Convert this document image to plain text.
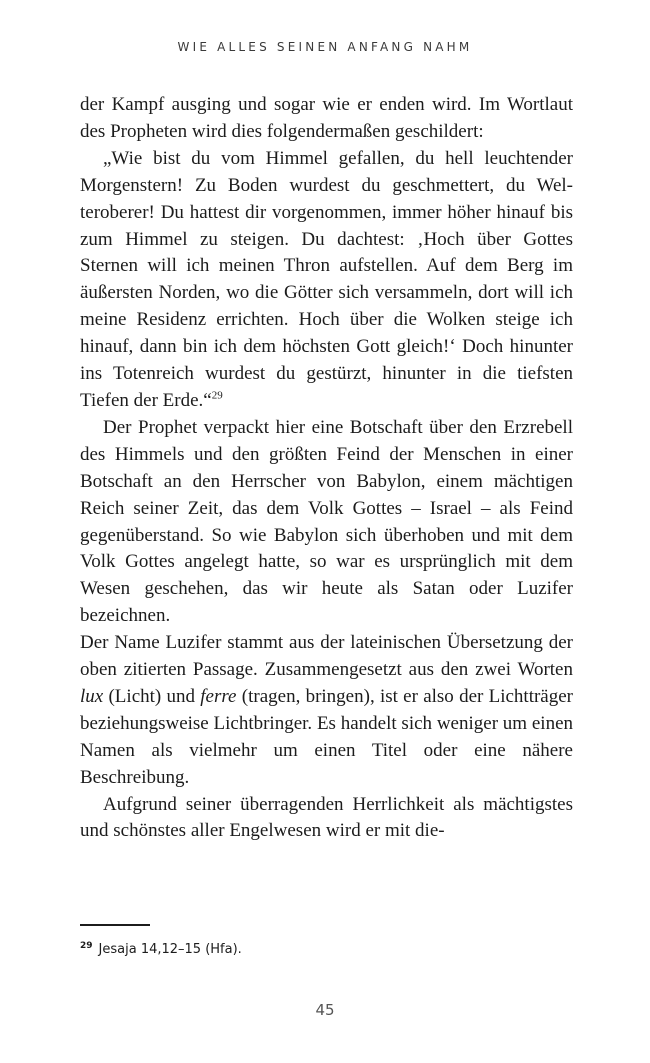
WIE ALLES SEINEN ANFANG NAHM

der Kampf ausging und sogar wie er enden wird. Im Wortlaut des Propheten wird dies folgendermaßen geschildert:

„Wie bist du vom Himmel gefallen, du hell leuchtender Morgenstern! Zu Boden wurdest du geschmettert, du Welteroberer! Du hattest dir vorgenommen, immer höher hinauf bis zum Himmel zu steigen. Du dachtest: ‚Hoch über Gottes Sternen will ich meinen Thron aufstellen. Auf dem Berg im äußersten Norden, wo die Götter sich versammeln, dort will ich meine Residenz errichten. Hoch über die Wolken steige ich hinauf, dann bin ich dem höchsten Gott gleich!‘ Doch hinunter ins Totenreich wurdest du gestürzt, hinunter in die tiefsten Tiefen der Erde.“$^{29}$

Der Prophet verpackt hier eine Botschaft über den Erzrebell des Himmels und den größten Feind der Menschen in einer Botschaft an den Herrscher von Babylon, einem mächtigen Reich seiner Zeit, das dem Volk Gottes – Israel – als Feind gegenüberstand. So wie Babylon sich überhoben und mit dem Volk Gottes angelegt hatte, so war es ursprünglich mit dem Wesen geschehen, das wir heute als Satan oder Luzifer bezeichnen.

Der Name Luzifer stammt aus der lateinischen Übersetzung der oben zitierten Passage. Zusammengesetzt aus den zwei Worten lux (Licht) und ferre (tragen, bringen), ist er also der Lichtträger beziehungsweise Lichtbringer. Es handelt sich weniger um einen Namen als vielmehr um einen Titel oder eine nähere Beschreibung.

Aufgrund seiner überragenden Herrlichkeit als mächtigstes und schönstes aller Engelwesen wird er mit die-

$^{29}$ Jesaja 14,12–15 (Hfa).
45
